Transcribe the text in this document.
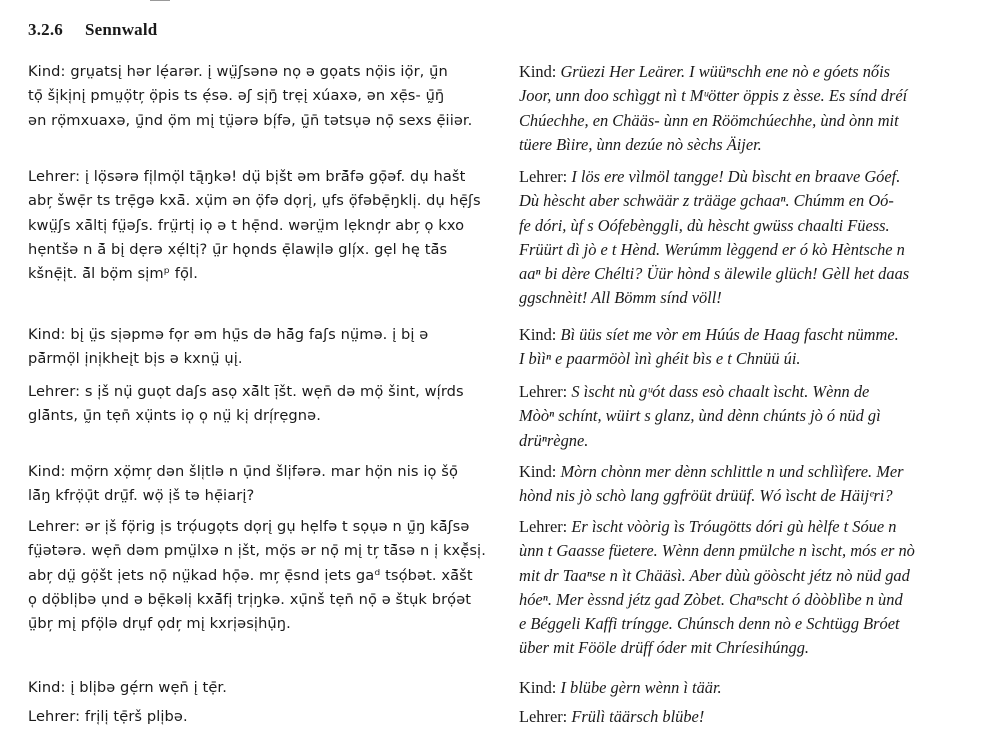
3.2.6 Sennwald

Kind: grṳatsį hər lẹ́arər. į wṳ̈ʃsənə nọ ə gọats nọ̈is iọ̈r, ṵ̄n
tọ̄ ši̜ki̜nį pmṳọ̈tr̦ ọ̈pis ts ẹ́sə. əʃ si̜ŋ̄ trẹį xúaxə, ən xẹ̄s- ṵ̄ŋ̄
ən rọ̈mxuaxə, ṵ̄nd ọ̈m mį tṳ̈ərə bí̜fə, ṵ̄n̄ tətsụə nọ̄ sexs ẹ̄iiər.

Lehrer: į lọ̈sərə fi̜lmọ̈l tą̄ŋkə! dụ̈ bi̜št əm brā̆fə gọ̄əf. dụ hašt
abr̦ šwẹ̄r ts trẹ̄gə kxā̄. xụ̈m ən ọ̈fə dọrį, ṳfs ọ̈fəbẹ̄ŋkli̜. dụ hẹ̄ʃs
kwṳ̈ʃs xā̄lti̜ fṳ̈əʃs. frṳ̈rti̜ io̜ ə t hẹ̄nd. wərṳ̈m lẹknd̦r abr̦ o̜ kxo
hẹntšə n ā̆ bį dẹrə xẹ́lti̜? ṳ̄r hǫnds ẹ̄lawi̜lə glí̜x. gẹl hę tā̆s
kšnẹ̄i̜t. ā̆l bọ̈m si̜mᵖ fọ̄l.

Kind: bį ṳ̈s si̜əpmə fọr əm hṳ̄s də hā̆g faʃs nṳ̈mə. į bį ə
pā̆rmọ̈l i̜ni̜kheįt bi̜s ə kxnṳ̈ ụį.

Lehrer: s i̜š nụ̈ guọt daʃs asọ xā̆lt ī̜št. wẹn̄ də mọ̈ šint, wí̜rds
glā̆nts, ṵ̄n tẹn̄ xụ̈nts io̜ o̜ nṳ̈ ki̜ drí̜rẹgnə.

Kind: mọ̈rn xọ̈mr̦ dən šli̜tlə n ụ̄nd šli̜fərə. mar họ̈n nis io̜ šọ̄
lā̆ŋ kfrọ̈ụ̄t drṳ̄f. wọ̈ i̜š tə hẹ̄iarį?

Lehrer: ər i̜š fọ̈rig i̜s trọ́ugọts dọrį gụ hẹlfə t sọụə n ṵ̄ŋ kā̆ʃsə
fṳ̈ətərə. wẹn̄ dəm pmṳ̈lxə n i̜št, mọ̈s ər nọ̄ mį tr̦ tā̆sə n i̜ kxẹ̄̆si̜.
abr̦ dṳ̈ gọ̈št i̜ets nọ̄ nṳ̈kad họ̄ə. mr̦ ẹ̄snd i̜ets gaᵈ tsọ́bət. xā̆št
o̜ dọ̈bli̜bə ụnd ə bẹ̄kəli̜ kxā̆fi̜ tri̜ŋkə. xụ̄nš tẹn̄ nọ̄ ə štụk brọ́ət
ṳ̄br̦ mį pfọ̈lə drṳf ọdr̦ mį kxri̜əsi̜hụ̄ŋ.

Kind: į bli̜bə gẹ́rn wẹn̄ į tẹ̄r.

Lehrer: fri̜li̜ tẹ̄rš pli̜bə.

Kind: Grüezi Her Leärer. I wüüⁿschh ene nò e góets nőis
Joor, unn doo schìggt nì t Mᵘötter öppis z èsse. Es sínd dréí
Chúechhe, en Chääs- ùnn en Röömchúechhe, ùnd ònn mit
tüere Bìire, ùnn dezúe nò sèchs Äijer.

Lehrer: I lös ere vìlmöl tangge! Dù bìscht en braave Góef.
Dù hèscht aber schwäär z trääge gchaaⁿ. Chúmm en Oó-
fe dóri, ùf s Oófebènggli, dù hèscht gwüss chaalti Füess.
Früürt dì jò e t Hènd. Werúmm lèggend er ó kò Hèntsche n
aaⁿ bi dère Chélti? Üür hònd s älewile glüch! Gèll het daas
ggschnèit! All Bömm sínd völl!

Kind: Bì üüs síet me vòr em Húús de Haag fascht nümme.
I bììⁿ e paarmöòl ìnì ghéit bìs e t Chnüü úi.

Lehrer: S ìscht nù gᵘót dass esò chaalt ìscht. Wènn de
Mòòⁿ schínt, wüirt s glanz, ùnd dènn chúnts jò ó nüd gì
drüⁿrègne.

Kind: Mòrn chònn mer dènn schlittle n und schlììfere. Mer
hònd nis jò schò lang ggfröüt drüüf. Wó ìscht de Häijᵉri?

Lehrer: Er ìscht vòòrig ìs Tróugötts dóri gù hèlfe t Sóue n
ùnn t Gaasse füetere. Wènn denn pmülche n ìscht, mós er nò
mit dr Taaⁿse n ìt Chääsì. Aber dùù göòscht jétz nò nüd gad
hóeⁿ. Mer èssnd jétz gad Zòbet. Chaⁿscht ó dòòblìbe n ùnd
e Béggeli Kaffi tríngge. Chúnsch denn nò e Schtügg Bróet
über mit Fööle drüff óder mit Chríesihúngg.

Kind: I blübe gèrn wènn ì täär.

Lehrer: Frülì täärsch blübe!
